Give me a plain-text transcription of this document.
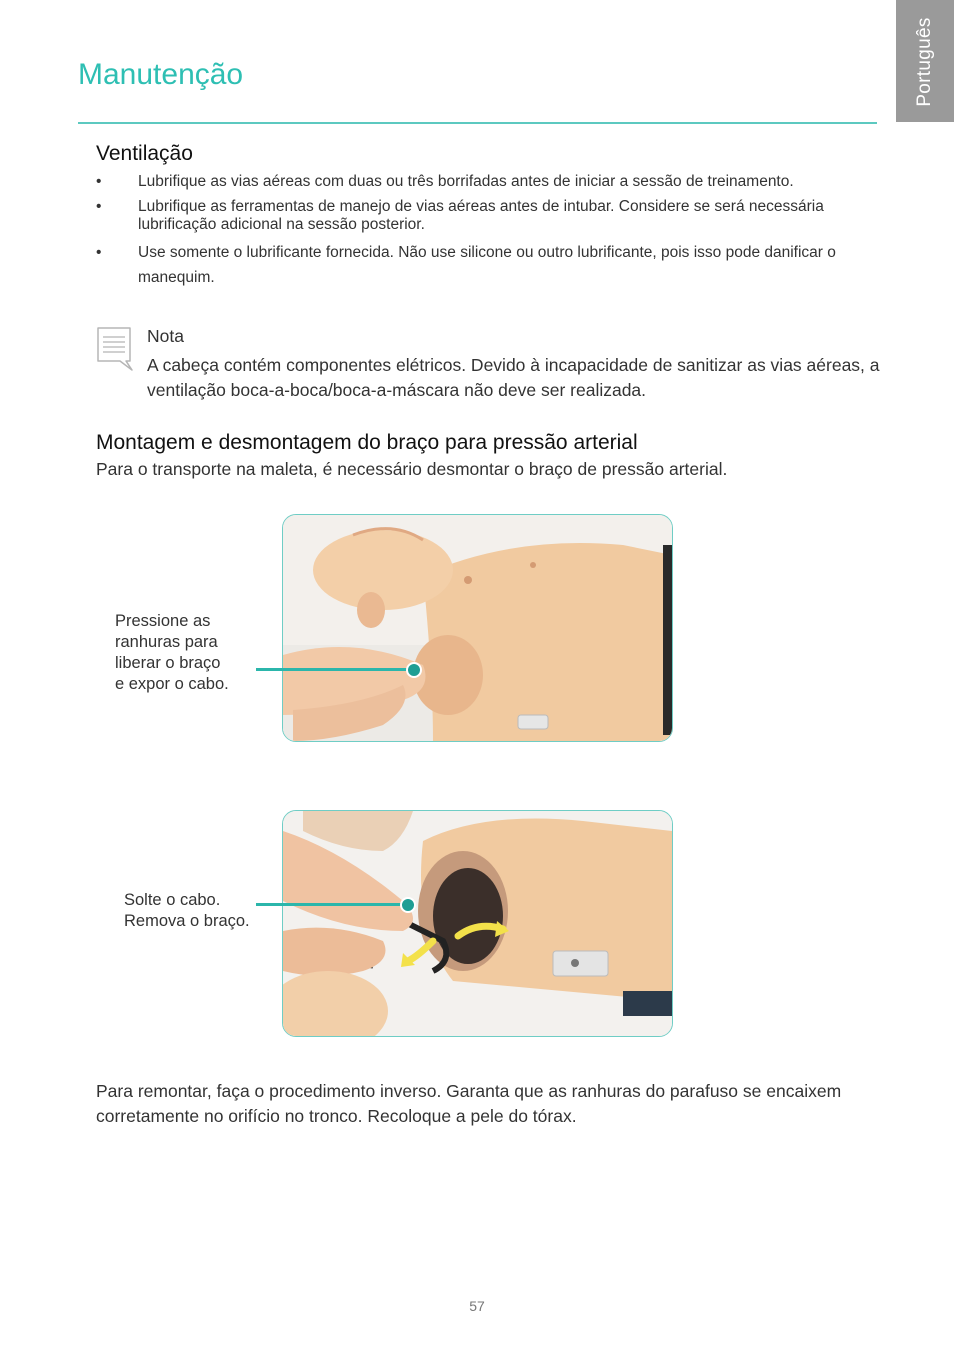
Português
Manutenção
Ventilação
• Lubrifique as vias aéreas com duas ou três borrifadas antes de iniciar a sessão de treinamento.
• Lubrifique as ferramentas de manejo de vias aéreas antes de intubar. Considere se será necessária lubrificação adicional na sessão posterior.
• Use somente o lubrificante fornecida. Não use silicone ou outro lubrificante, pois isso pode danificar o manequim.
Nota
A cabeça contém componentes elétricos. Devido à incapacidade de sanitizar as vias aéreas, a ventilação boca-a-boca/boca-a-máscara não deve ser realizada.
Montagem e desmontagem do braço para pressão arterial
Para o transporte na maleta, é necessário desmontar o braço de pressão arterial.
Pressione as
ranhuras para
liberar o braço
e expor o cabo.
Solte o cabo.
Remova o braço.
Para remontar, faça o procedimento inverso. Garanta que as ranhuras do parafuso se encaixem corretamente no orifício no tronco. Recoloque a pele do tórax.
57
